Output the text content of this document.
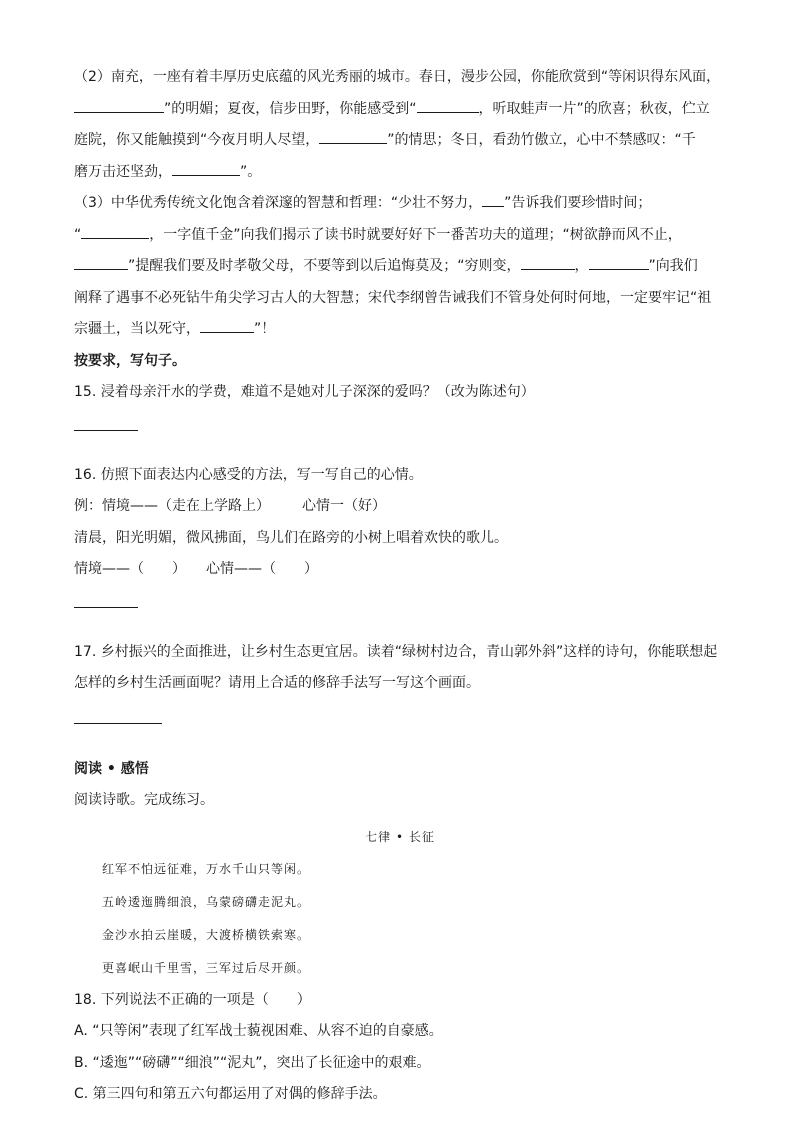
（2）南充，一座有着丰厚历史底蕴的风光秀丽的城市。春日，漫步公园，你能欣赏到“等闲识得东风面，

”的明媚；夏夜，信步田野，你能感受到“	，听取蛙声一片”的欣喜；秋夜，伫立

庭院，你又能触摸到“今夜月明人尽望，	”的情思；冬日，看劲竹傲立，心中不禁感叹：“千

磨万击还坚劲，	”。

（3）中华优秀传统文化饱含着深邃的智慧和哲理：“少壮不努力， ”告诉我们要珍惜时间；

“	，一字值千金”向我们揭示了读书时就要好好下一番苦功夫的道理；“树欲静而风不止，

”提醒我们要及时孝敬父母，不要等到以后追悔莫及；“穷则变，	，	”向我们

阐释了遇事不必死钻牛角尖学习古人的大智慧；宋代李纲曾告诫我们不管身处何时何地，一定要牢记“祖

宗疆土，当以死守，	”！

按要求，写句子。

15. 浸着母亲汗水的学费，难道不是她对儿子深深的爱吗？（改为陈述句）

16. 仿照下面表达内心感受的方法，写一写自己的心情。

例：情境——（走在上学路上） 心情一（好）

清晨，阳光明媚，微风拂面，鸟儿们在路旁的小树上唱着欢快的歌儿。

情境——（　　） 心情——（　　）

17. 乡村振兴的全面推进，让乡村生态更宜居。读着“绿树村边合，青山郭外斜”这样的诗句，你能联想起

怎样的乡村生活画面呢？请用上合适的修辞手法写一写这个画面。

阅读 • 感悟

阅读诗歌。完成练习。

七律 • 长征

红军不怕远征难，万水千山只等闲。

五岭逶迤腾细浪，乌蒙磅礴走泥丸。

金沙水拍云崖暖，大渡桥横铁索寒。

更喜岷山千里雪，三军过后尽开颜。

18. 下列说法不正确的一项是（　　）

A. “只等闲”表现了红军战士藐视困难、从容不迫的自豪感。

B. “逶迤”“磅礴”“细浪”“泥丸”，突出了长征途中的艰难。

C. 第三四句和第五六句都运用了对偶的修辞手法。
